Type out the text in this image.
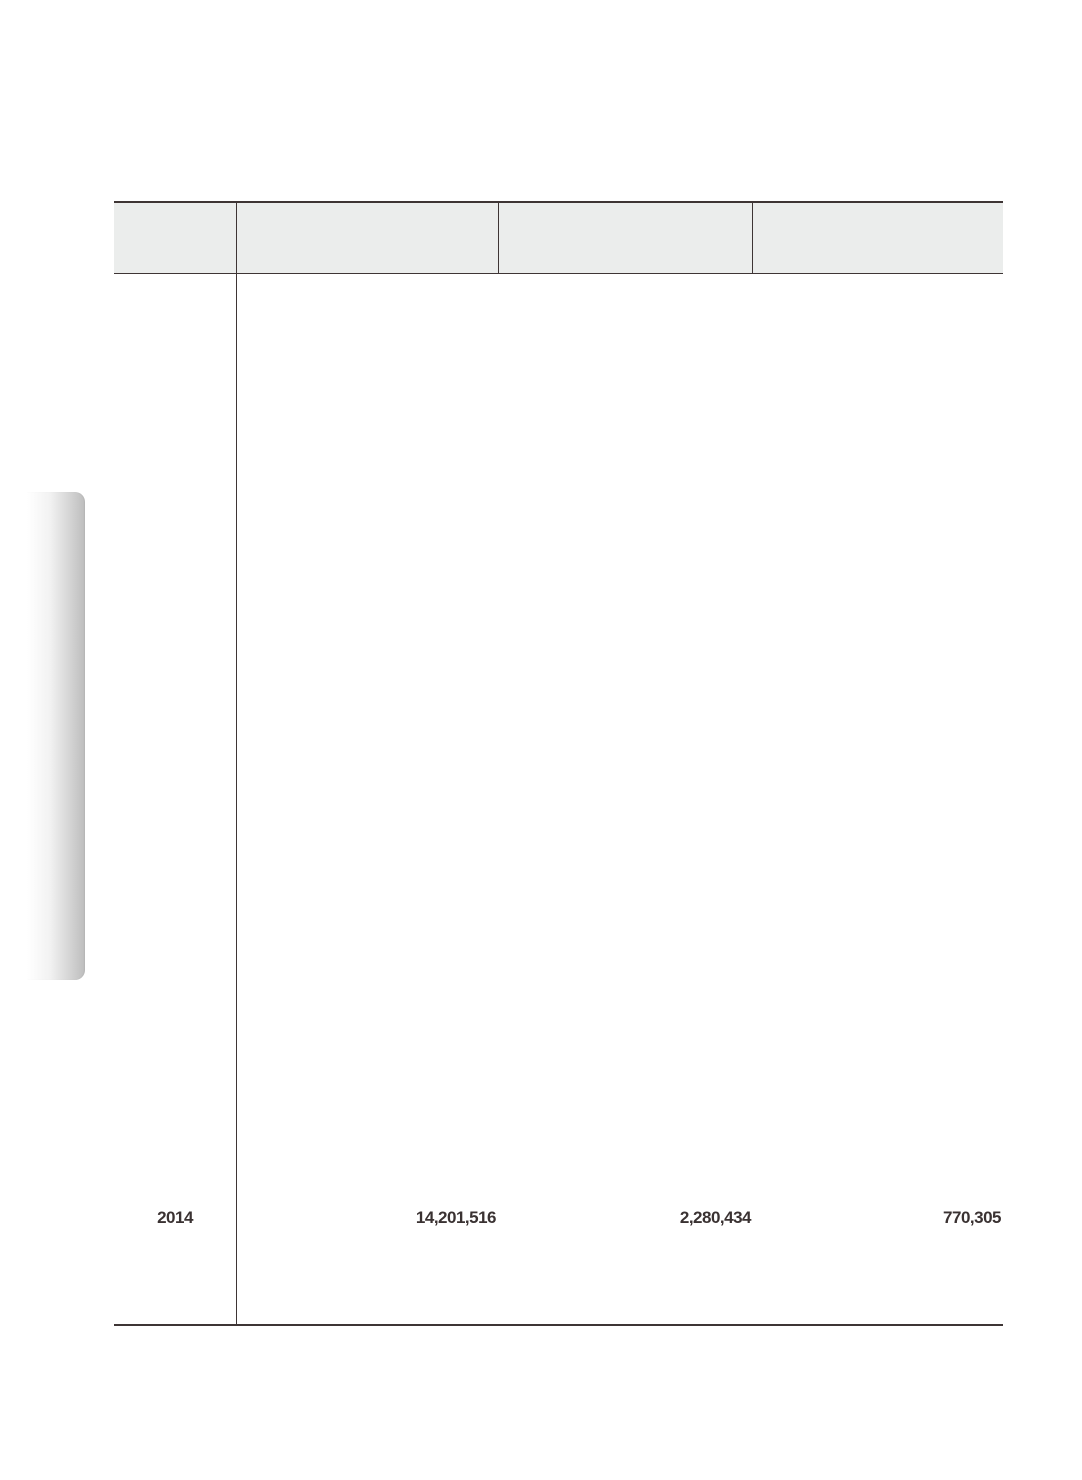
2014	14,201,516	2,280,434	770,305
